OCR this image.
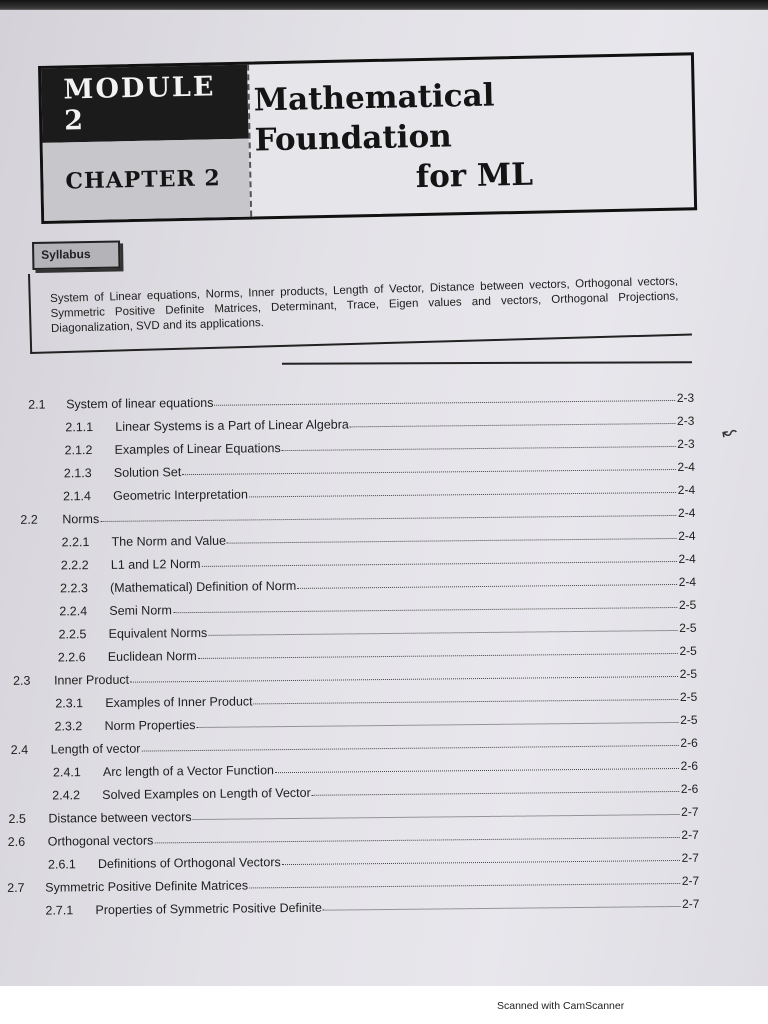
MODULE 2
CHAPTER 2
Mathematical Foundation
for ML
Syllabus
System of Linear equations, Norms, Inner products, Length of Vector, Distance between vectors, Orthogonal vectors, Symmetric Positive Definite Matrices, Determinant, Trace, Eigen values and vectors, Orthogonal Projections, Diagonalization, SVD and its applications.
2.1	System of linear equations	2-3
2.1.1	Linear Systems is a Part of Linear Algebra	2-3
2.1.2	Examples of Linear Equations	2-3
2.1.3	Solution Set	2-4
2.1.4	Geometric Interpretation	2-4
2.2	Norms	2-4
2.2.1	The Norm and Value	2-4
2.2.2	L1 and L2 Norm	2-4
2.2.3	(Mathematical) Definition of Norm	2-4
2.2.4	Semi Norm	2-5
2.2.5	Equivalent Norms	2-5
2.2.6	Euclidean Norm	2-5
2.3	Inner Product	2-5
2.3.1	Examples of Inner Product	2-5
2.3.2	Norm Properties	2-5
2.4	Length of vector	2-6
2.4.1	Arc length of a Vector Function	2-6
2.4.2	Solved Examples on Length of Vector	2-6
2.5	Distance between vectors	2-7
2.6	Orthogonal vectors	2-7
2.6.1	Definitions of Orthogonal Vectors	2-7
2.7	Symmetric Positive Definite Matrices	2-7
2.7.1	Properties of Symmetric Positive Definite	2-7
↜
Scanned with CamScanner
